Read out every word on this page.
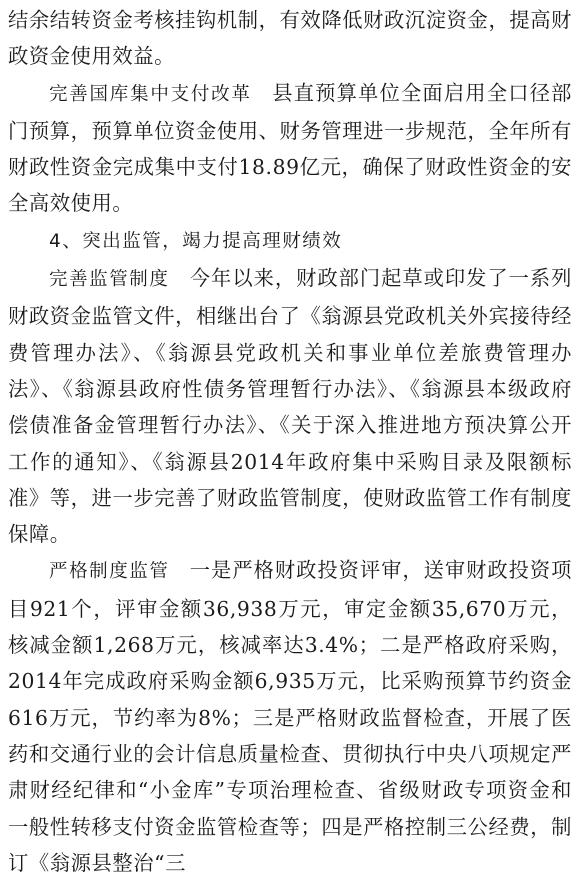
结余结转资金考核挂钩机制，有效降低财政沉淀资金，提高财政资金使用效益。

完善国库集中支付改革 县直预算单位全面启用全口径部门预算，预算单位资金使用、财务管理进一步规范，全年所有财政性资金完成集中支付18.89亿元，确保了财政性资金的安全高效使用。

4、突出监管，竭力提高理财绩效

完善监管制度 今年以来，财政部门起草或印发了一系列财政资金监管文件，相继出台了《翁源县党政机关外宾接待经费管理办法》、《翁源县党政机关和事业单位差旅费管理办法》、《翁源县政府性债务管理暂行办法》、《翁源县本级政府偿债准备金管理暂行办法》、《关于深入推进地方预决算公开工作的通知》、《翁源县2014年政府集中采购目录及限额标准》等，进一步完善了财政监管制度，使财政监管工作有制度保障。

严格制度监管 一是严格财政投资评审，送审财政投资项目921个，评审金额36,938万元，审定金额35,670万元，核减金额1,268万元，核减率达3.4%；二是严格政府采购，2014年完成政府采购金额6,935万元，比采购预算节约资金616万元，节约率为8%；三是严格财政监督检查，开展了医药和交通行业的会计信息质量检查、贯彻执行中央八项规定严肃财经纪律和“小金库”专项治理检查、省级财政专项资金和一般性转移支付资金监管检查等；四是严格控制三公经费，制订《翁源县整治“三
